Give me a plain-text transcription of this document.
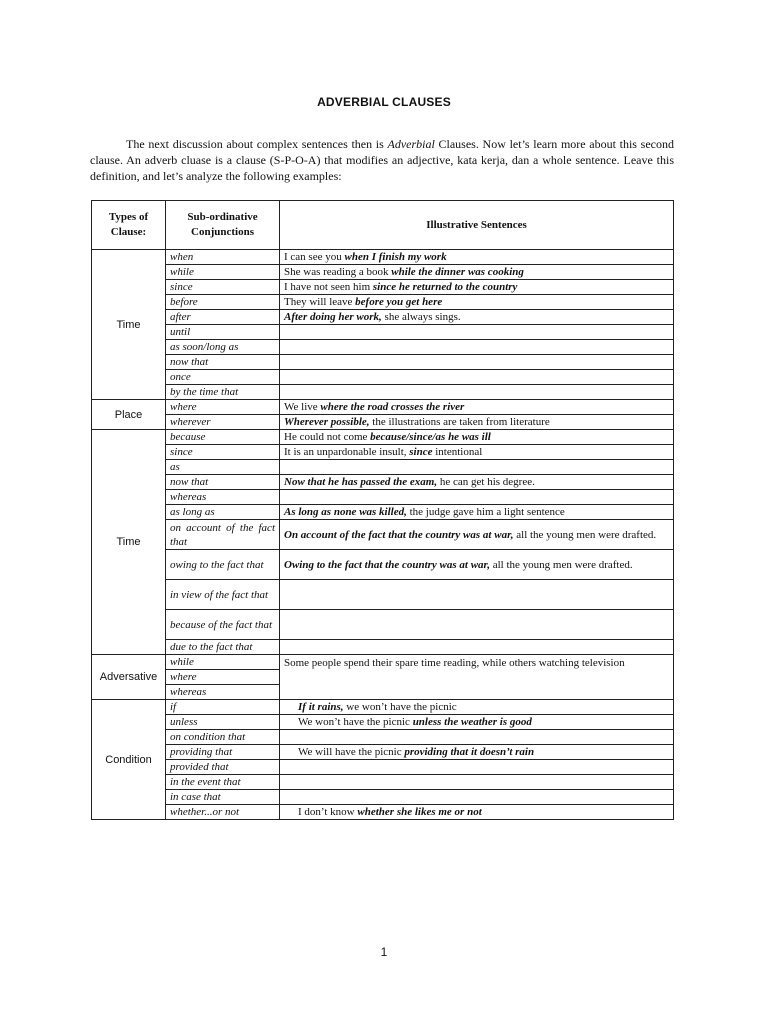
ADVERBIAL CLAUSES

The next discussion about complex sentences then is Adverbial Clauses. Now let’s learn more about this second clause. An adverb cluase is a clause (S-P-O-A) that modifies an adjective, kata kerja, dan a whole sentence. Leave this definition, and let’s analyze the following examples:

Types of Clause:	Sub-ordinative Conjunctions	Illustrative Sentences
Time	when	I can see you when I finish my work
	while	She was reading a book while the dinner was cooking
	since	I have not seen him since he returned to the country
	before	They will leave before you get here
	after	After doing her work, she always sings.
	until	
	as soon/long as	
	now that	
	once	
	by the time that	
Place	where	We live where the road crosses the river
	wherever	Wherever possible, the illustrations are taken from literature
Time	because	He could not come because/since/as he was ill
	since	It is an unpardonable insult, since intentional
	as	
	now that	Now that he has passed the exam, he can get his degree.
	whereas	
	as long as	As long as none was killed, the judge gave him a light sentence
	on account of the fact that	On account of the fact that the country was at war, all the young men were drafted.
	owing to the fact that	Owing to the fact that the country was at war, all the young men were drafted.
	in view of the fact that	
	because of the fact that	
	due to the fact that	
Adversative	while	Some people spend their spare time reading, while others watching television
	where	
	whereas	
Condition	if	If it rains, we won’t have the picnic
	unless	We won’t have the picnic unless the weather is good
	on condition that	
	providing that	We will have the picnic providing that it doesn’t rain
	provided that	
	in the event that	
	in case that	
	whether...or not	I don’t know whether she likes me or not
1
